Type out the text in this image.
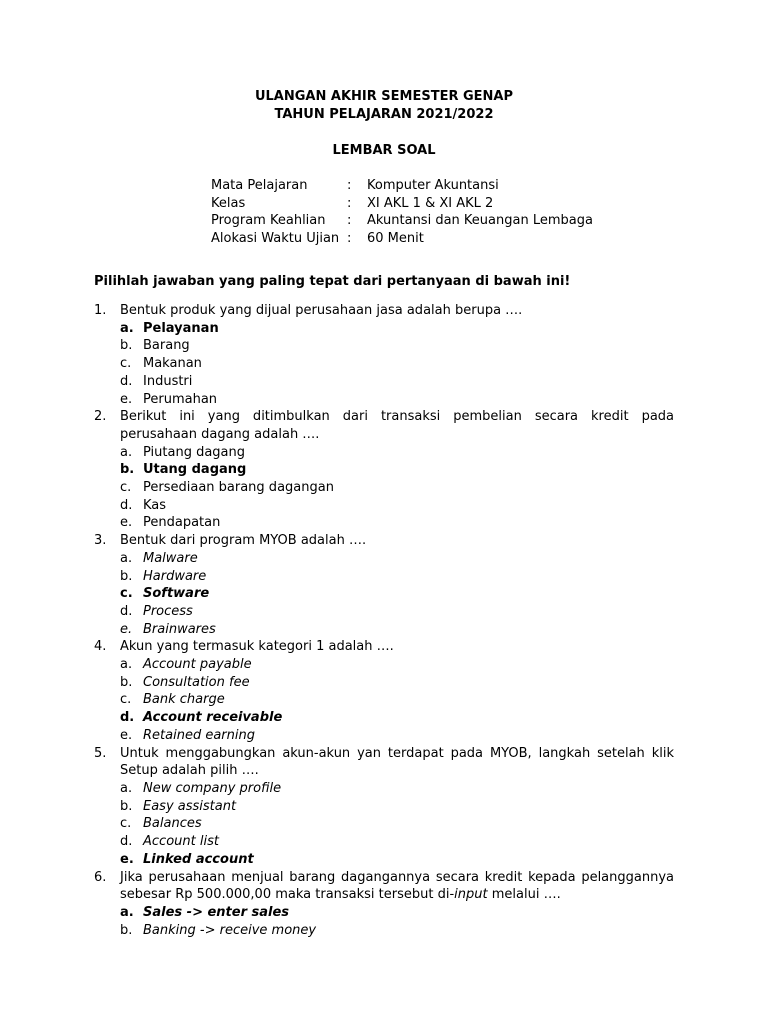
ULANGAN AKHIR SEMESTER GENAP
TAHUN PELAJARAN 2021/2022
LEMBAR SOAL
Mata Pelajaran	:	Komputer Akuntansi
Kelas	:	XI AKL 1 & XI AKL 2
Program Keahlian	:	Akuntansi dan Keuangan Lembaga
Alokasi Waktu Ujian :	60 Menit
Pilihlah jawaban yang paling tepat dari pertanyaan di bawah ini!
1.	Bentuk produk yang dijual perusahaan jasa adalah berupa ….
a. Pelayanan
b. Barang
c. Makanan
d. Industri
e. Perumahan
2.	Berikut ini yang ditimbulkan dari transaksi pembelian secara kredit pada perusahaan dagang adalah ….
a. Piutang dagang
b. Utang dagang
c. Persediaan barang dagangan
d. Kas
e. Pendapatan
3.	Bentuk dari program MYOB adalah ….
a. Malware
b. Hardware
c. Software
d. Process
e. Brainwares
4.	Akun yang termasuk kategori 1 adalah ….
a. Account payable
b. Consultation fee
c. Bank charge
d. Account receivable
e. Retained earning
5.	Untuk menggabungkan akun-akun yan terdapat pada MYOB, langkah setelah klik Setup adalah pilih ….
a. New company profile
b. Easy assistant
c. Balances
d. Account list
e. Linked account
6.	Jika perusahaan menjual barang dagangannya secara kredit kepada pelanggannya sebesar Rp 500.000,00 maka transaksi tersebut di-input melalui ….
a. Sales -> enter sales
b. Banking -> receive money
